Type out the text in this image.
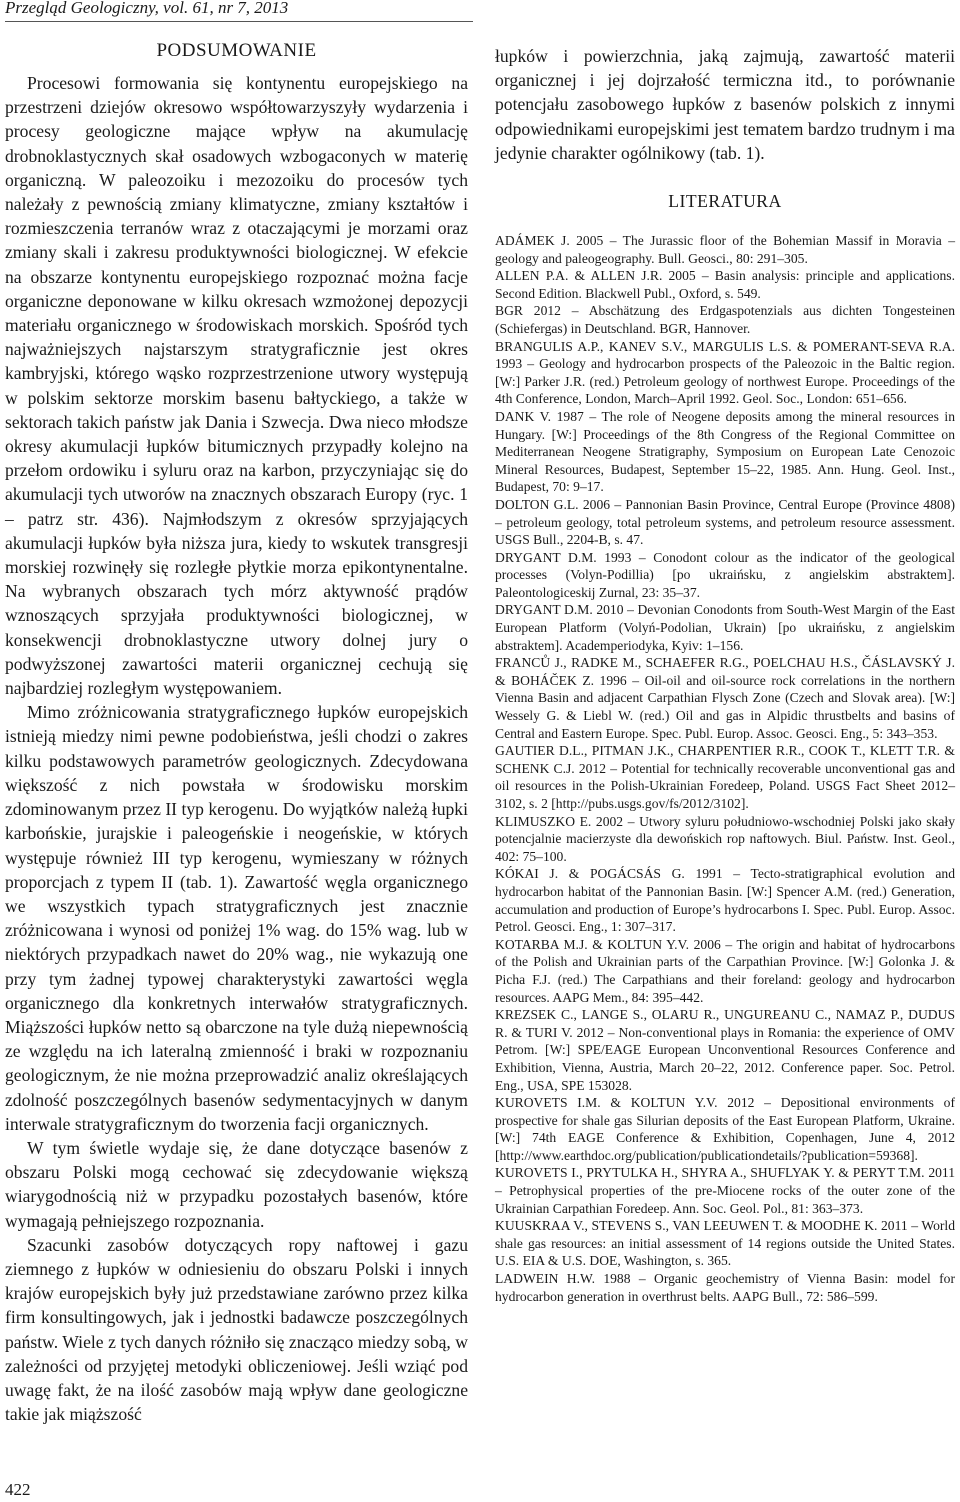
Przegląd Geologiczny, vol. 61, nr 7, 2013
PODSUMOWANIE

Procesowi formowania się kontynentu europejskiego na przestrzeni dziejów okresowo współtowarzyszyły wydarzenia i procesy geologiczne mające wpływ na akumulację drobnoklastycznych skał osadowych wzbogaconych w materię organiczną. W paleozoiku i mezozoiku do procesów tych należały z pewnością zmiany klimatyczne, zmiany kształtów i rozmieszczenia terranów wraz z otaczającymi je morzami oraz zmiany skali i zakresu produktywności biologicznej. W efekcie na obszarze kontynentu europejskiego rozpoznać można facje organiczne deponowane w kilku okresach wzmożonej depozycji materiału organicznego w środowiskach morskich. Spośród tych najważniejszych najstarszym stratygraficznie jest okres kambryjski, którego wąsko rozprzestrzenione utwory występują w polskim sektorze morskim basenu bałtyckiego, a także w sektorach takich państw jak Dania i Szwecja. Dwa nieco młodsze okresy akumulacji łupków bitumicznych przypadły kolejno na przełom ordowiku i syluru oraz na karbon, przyczyniając się do akumulacji tych utworów na znacznych obszarach Europy (ryc. 1 – patrz str. 436). Najmłodszym z okresów sprzyjających akumulacji łupków była niższa jura, kiedy to wskutek transgresji morskiej rozwinęły się rozległe płytkie morza epikontynentalne. Na wybranych obszarach tych mórz aktywność prądów wznoszących sprzyjała produktywności biologicznej, w konsekwencji drobnoklastyczne utwory dolnej jury o podwyższonej zawartości materii organicznej cechują się najbardziej rozległym występowaniem.

Mimo zróżnicowania stratygraficznego łupków europejskich istnieją miedzy nimi pewne podobieństwa, jeśli chodzi o zakres kilku podstawowych parametrów geologicznych. Zdecydowana większość z nich powstała w środowisku morskim zdominowanym przez II typ kerogenu. Do wyjątków należą łupki karbońskie, jurajskie i paleogeńskie i neogeńskie, w których występuje również III typ kerogenu, wymieszany w różnych proporcjach z typem II (tab. 1). Zawartość węgla organicznego we wszystkich typach stratygraficznych jest znacznie zróżnicowana i wynosi od poniżej 1% wag. do 15% wag. lub w niektórych przypadkach nawet do 20% wag., nie wykazują one przy tym żadnej typowej charakterystyki zawartości węgla organicznego dla konkretnych interwałów stratygraficznych. Miąższości łupków netto są obarczone na tyle dużą niepewnością ze względu na ich lateralną zmienność i braki w rozpoznaniu geologicznym, że nie można przeprowadzić analiz określających zdolność poszczególnych basenów sedymentacyjnych w danym interwale stratygraficznym do tworzenia facji organicznych.

W tym świetle wydaje się, że dane dotyczące basenów z obszaru Polski mogą cechować się zdecydowanie większą wiarygodnością niż w przypadku pozostałych basenów, które wymagają pełniejszego rozpoznania.

Szacunki zasobów dotyczących ropy naftowej i gazu ziemnego z łupków w odniesieniu do obszaru Polski i innych krajów europejskich były już przedstawiane zarówno przez kilka firm konsultingowych, jak i jednostki badawcze poszczególnych państw. Wiele z tych danych różniło się znacząco miedzy sobą, w zależności od przyjętej metodyki obliczeniowej. Jeśli wziąć pod uwagę fakt, że na ilość zasobów mają wpływ dane geologiczne takie jak miąższość

łupków i powierzchnia, jaką zajmują, zawartość materii organicznej i jej dojrzałość termiczna itd., to porównanie potencjału zasobowego łupków z basenów polskich z innymi odpowiednikami europejskimi jest tematem bardzo trudnym i ma jedynie charakter ogólnikowy (tab. 1).

LITERATURA

ADÁMEK J. 2005 – The Jurassic floor of the Bohemian Massif in Moravia – geology and paleogeography. Bull. Geosci., 80: 291–305.

ALLEN P.A. & ALLEN J.R. 2005 – Basin analysis: principle and applications. Second Edition. Blackwell Publ., Oxford, s. 549.

BGR 2012 – Abschätzung des Erdgaspotenzials aus dichten Tongesteinen (Schiefergas) in Deutschland. BGR, Hannover.

BRANGULIS A.P., KANEV S.V., MARGULIS L.S. & POMERANT-SEVA R.A. 1993 – Geology and hydrocarbon prospects of the Paleozoic in the Baltic region. [W:] Parker J.R. (red.) Petroleum geology of northwest Europe. Proceedings of the 4th Conference, London, March–April 1992. Geol. Soc., London: 651–656.

DANK V. 1987 – The role of Neogene deposits among the mineral resources in Hungary. [W:] Proceedings of the 8th Congress of the Regional Committee on Mediterranean Neogene Stratigraphy, Symposium on European Late Cenozoic Mineral Resources, Budapest, September 15–22, 1985. Ann. Hung. Geol. Inst., Budapest, 70: 9–17.

DOLTON G.L. 2006 – Pannonian Basin Province, Central Europe (Province 4808) – petroleum geology, total petroleum systems, and petroleum resource assessment. USGS Bull., 2204-B, s. 47.

DRYGANT D.M. 1993 – Conodont colour as the indicator of the geological processes (Volyn-Podillia) [po ukraińsku, z angielskim abstraktem]. Paleontologiceskij Zurnal, 23: 35–37.

DRYGANT D.M. 2010 – Devonian Conodonts from South-West Margin of the East European Platform (Volyń-Podolian, Ukrain) [po ukraińsku, z angielskim abstraktem]. Academperiodyka, Kyiv: 1–156.

FRANCŮ J., RADKE M., SCHAEFER R.G., POELCHAU H.S., ČÁSLAVSKÝ J. & BOHÁČEK Z. 1996 – Oil-oil and oil-source rock correlations in the northern Vienna Basin and adjacent Carpathian Flysch Zone (Czech and Slovak area). [W:] Wessely G. & Liebl W. (red.) Oil and gas in Alpidic thrustbelts and basins of Central and Eastern Europe. Spec. Publ. Europ. Assoc. Geosci. Eng., 5: 343–353.

GAUTIER D.L., PITMAN J.K., CHARPENTIER R.R., COOK T., KLETT T.R. & SCHENK C.J. 2012 – Potential for technically recoverable unconventional gas and oil resources in the Polish-Ukrainian Foredeep, Poland. USGS Fact Sheet 2012–3102, s. 2 [http://pubs.usgs.gov/fs/2012/3102].

KLIMUSZKO E. 2002 – Utwory syluru południowo-wschodniej Polski jako skały potencjalnie macierzyste dla dewońskich rop naftowych. Biul. Państw. Inst. Geol., 402: 75–100.

KÓKAI J. & POGÁCSÁS G. 1991 – Tecto-stratigraphical evolution and hydrocarbon habitat of the Pannonian Basin. [W:] Spencer A.M. (red.) Generation, accumulation and production of Europe’s hydrocarbons I. Spec. Publ. Europ. Assoc. Petrol. Geosci. Eng., 1: 307–317.

KOTARBA M.J. & KOLTUN Y.V. 2006 – The origin and habitat of hydrocarbons of the Polish and Ukrainian parts of the Carpathian Province. [W:] Golonka J. & Picha F.J. (red.) The Carpathians and their foreland: geology and hydrocarbon resources. AAPG Mem., 84: 395–442.

KREZSEK C., LANGE S., OLARU R., UNGUREANU C., NAMAZ P., DUDUS R. & TURI V. 2012 – Non-conventional plays in Romania: the experience of OMV Petrom. [W:] SPE/EAGE European Unconventional Resources Conference and Exhibition, Vienna, Austria, March 20–22, 2012. Conference paper. Soc. Petrol. Eng., USA, SPE 153028.

KUROVETS I.M. & KOLTUN Y.V. 2012 – Depositional environments of prospective for shale gas Silurian deposits of the East European Platform, Ukraine. [W:] 74th EAGE Conference & Exhibition, Copenhagen, June 4, 2012 [http://www.earthdoc.org/publication/publicationdetails/?publication=59368].

KUROVETS I., PRYTULKA H., SHYRA A., SHUFLYAK Y. & PERYT T.M. 2011 – Petrophysical properties of the pre-Miocene rocks of the outer zone of the Ukrainian Carpathian Foredeep. Ann. Soc. Geol. Pol., 81: 363–373.

KUUSKRAA V., STEVENS S., VAN LEEUWEN T. & MOODHE K. 2011 – World shale gas resources: an initial assessment of 14 regions outside the United States. U.S. EIA & U.S. DOE, Washington, s. 365.

LADWEIN H.W. 1988 – Organic geochemistry of Vienna Basin: model for hydrocarbon generation in overthrust belts. AAPG Bull., 72: 586–599.

422
